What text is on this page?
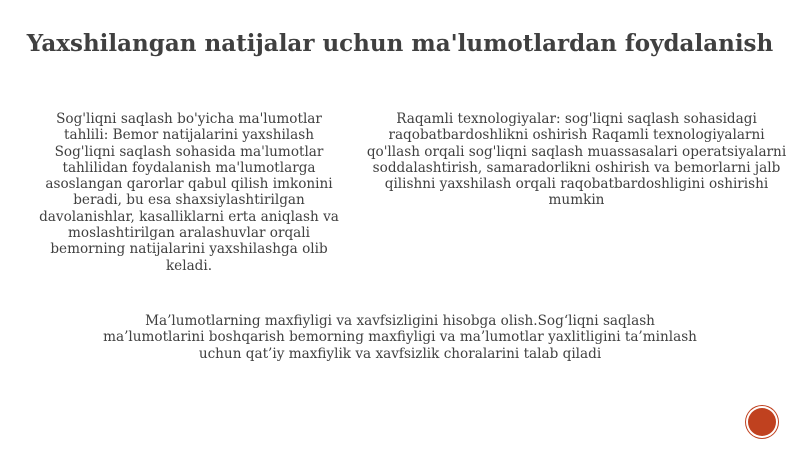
Yaxshilangan natijalar uchun ma'lumotlardan foydalanish

Sog'liqni saqlash bo'yicha ma'lumotlar tahlili: Bemor natijalarini yaxshilash Sog'liqni saqlash sohasida ma'lumotlar tahlilidan foydalanish ma'lumotlarga asoslangan qarorlar qabul qilish imkonini beradi, bu esa shaxsiylashtirilgan davolanishlar, kasalliklarni erta aniqlash va moslashtirilgan aralashuvlar orqali bemorning natijalarini yaxshilashga olib keladi.

Raqamli texnologiyalar: sog'liqni saqlash sohasidagi raqobatbardoshlikni oshirish Raqamli texnologiyalarni qo'llash orqali sog'liqni saqlash muassasalari operatsiyalarni soddalashtirish, samaradorlikni oshirish va bemorlarni jalb qilishni yaxshilash orqali raqobatbardoshligini oshirishi mumkin

Ma’lumotlarning maxfiyligi va xavfsizligini hisobga olish.Sog‘liqni saqlash ma’lumotlarini boshqarish bemorning maxfiyligi va ma’lumotlar yaxlitligini ta’minlash uchun qat’iy maxfiylik va xavfsizlik choralarini talab qiladi
